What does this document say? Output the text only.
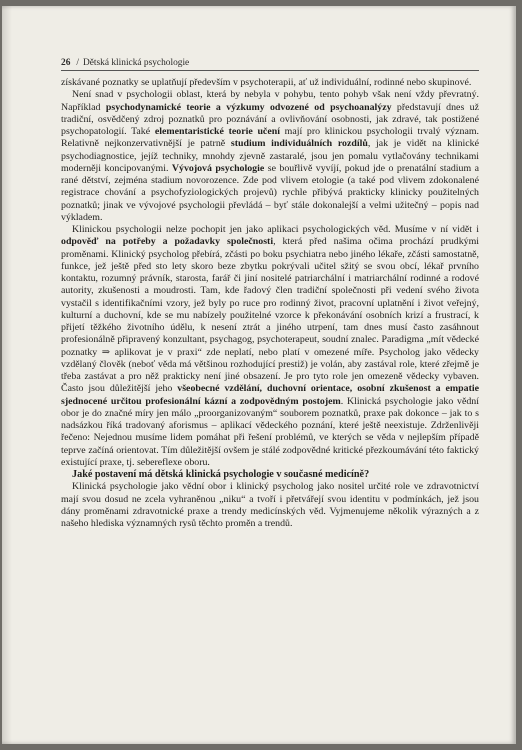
26 / Dětská klinická psychologie

získávané poznatky se uplatňují především v psychoterapii, ať už individuální, rodinné nebo skupinové.

Není snad v psychologii oblast, která by nebyla v pohybu, tento pohyb však není vždy převratný. Například psychodynamické teorie a výzkumy odvozené od psychoanalýzy představují dnes už tradiční, osvědčený zdroj poznatků pro poznávání a ovlivňování osobnosti, jak zdravé, tak postižené psychopatologií. Také elementaristické teorie učení mají pro klinickou psychologii trvalý význam. Relativně nejkonzervativnější je patrně studium individuálních rozdílů, jak je vidět na klinické psychodiagnostice, jejíž techniky, mnohdy zjevně zastaralé, jsou jen pomalu vytlačovány technikami moderněji koncipovanými. Vývojová psychologie se bouřlivě vyvíjí, pokud jde o prenatální stadium a rané dětství, zejména stadium novorozence. Zde pod vlivem etologie (a také pod vlivem zdokonalené registrace chování a psychofyziologických projevů) rychle přibývá prakticky klinicky použitelných poznatků; jinak ve vývojové psychologii převládá – byť stále dokonalejší a velmi užitečný – popis nad výkladem.

Klinickou psychologii nelze pochopit jen jako aplikaci psychologických věd. Musíme v ní vidět i odpověď na potřeby a požadavky společnosti, která před našima očima prochází prudkými proměnami. Klinický psycholog přebírá, zčásti po boku psychiatra nebo jiného lékaře, zčásti samostatně, funkce, jež ještě před sto lety skoro beze zbytku pokrývali učitel sžitý se svou obcí, lékař prvního kontaktu, rozumný právník, starosta, farář či jiní nositelé patriarchální i matriarchální rodinné a rodové autority, zkušenosti a moudrosti. Tam, kde řadový člen tradiční společnosti při vedení svého života vystačil s identifikačními vzory, jež byly po ruce pro rodinný život, pracovní uplatnění i život veřejný, kulturní a duchovní, kde se mu nabízely použitelné vzorce k překonávání osobních krizí a frustrací, k přijetí těžkého životního údělu, k nesení ztrát a jiného utrpení, tam dnes musí často zasáhnout profesionálně připravený konzultant, psychagog, psychoterapeut, soudní znalec. Paradigma „mít vědecké poznatky ⇒ aplikovat je v praxi“ zde neplatí, nebo platí v omezené míře. Psycholog jako vědecky vzdělaný člověk (neboť věda má většinou rozhodující prestiž) je volán, aby zastával role, které zřejmě je třeba zastávat a pro něž prakticky není jiné obsazení. Je pro tyto role jen omezeně vědecky vybaven. Často jsou důležitější jeho všeobecné vzdělání, duchovní orientace, osobní zkušenost a empatie sjednocené určitou profesionální kázní a zodpovědným postojem. Klinická psychologie jako vědní obor je do značné míry jen málo „proorganizovaným“ souborem poznatků, praxe pak dokonce – jak to s nadsázkou říká tradovaný aforismus – aplikací vědeckého poznání, které ještě neexistuje. Zdrženlivěji řečeno: Nejednou musíme lidem pomáhat při řešení problémů, ve kterých se věda v nejlepším případě teprve začíná orientovat. Tím důležitější ovšem je stálé zodpovědné kritické přezkoumávání této faktický existující praxe, tj. sebereflexe oboru.

Jaké postavení má dětská klinická psychologie v současné medicíně?

Klinická psychologie jako vědní obor i klinický psycholog jako nositel určité role ve zdravotnictví mají svou dosud ne zcela vyhraněnou „niku“ a tvoří i přetvářejí svou identitu v podmínkách, jež jsou dány proměnami zdravotnické praxe a trendy medicínských věd. Vyjmenujeme několik výrazných a z našeho hlediska významných rysů těchto proměn a trendů.
